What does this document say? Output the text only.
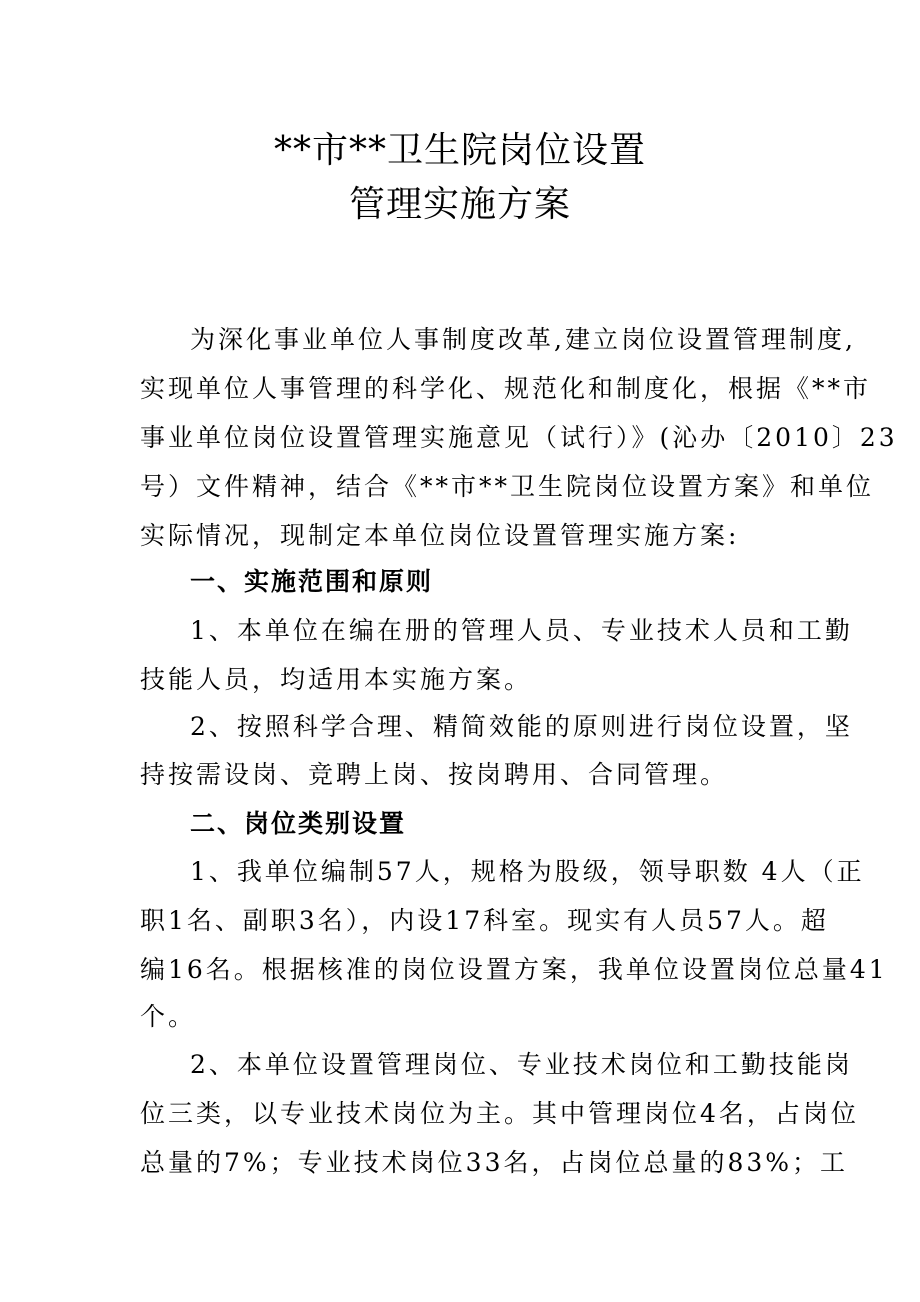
**市**卫生院岗位设置
管理实施方案
为深化事业单位人事制度改革,建立岗位设置管理制度,
实现单位人事管理的科学化、规范化和制度化，根据《**市
事业单位岗位设置管理实施意见（试行）》(沁办〔2010〕23
号）文件精神，结合《**市**卫生院岗位设置方案》和单位
实际情况，现制定本单位岗位设置管理实施方案:
一、实施范围和原则
1、本单位在编在册的管理人员、专业技术人员和工勤
技能人员，均适用本实施方案。
2、按照科学合理、精简效能的原则进行岗位设置，坚
持按需设岗、竞聘上岗、按岗聘用、合同管理。
二、岗位类别设置
1、我单位编制57人，规格为股级，领导职数 4人（正
职1名、副职3名），内设17科室。现实有人员57人。超
编16名。根据核准的岗位设置方案，我单位设置岗位总量41
个。
2、本单位设置管理岗位、专业技术岗位和工勤技能岗
位三类，以专业技术岗位为主。其中管理岗位4名，占岗位
总量的7%；专业技术岗位33名，占岗位总量的83%；工
